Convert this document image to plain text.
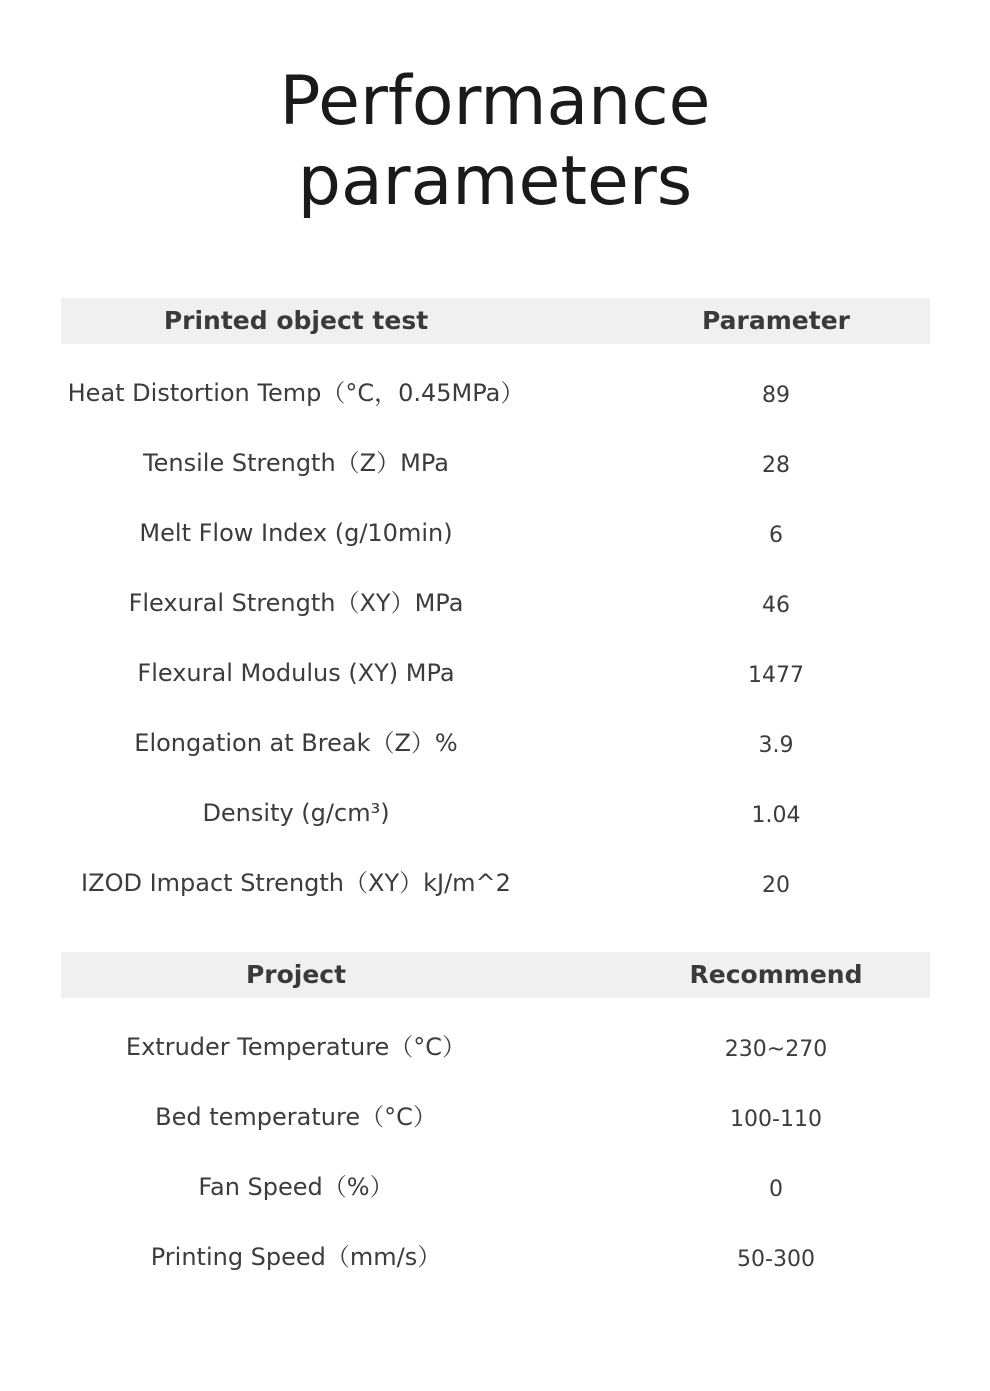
Performance
parameters
Printed object test	Parameter
Heat Distortion Temp（°C，0.45MPa）	89
Tensile Strength（Z）MPa	28
Melt Flow Index (g/10min)	6
Flexural Strength（XY）MPa	46
Flexural Modulus (XY) MPa	1477
Elongation at Break（Z）%	3.9
Density (g/cm³)	1.04
IZOD Impact Strength（XY）kJ/m^2	20
Project	Recommend
Extruder Temperature（°C）	230~270
Bed temperature（°C）	100-110
Fan Speed（%）	0
Printing Speed（mm/s）	50-300
